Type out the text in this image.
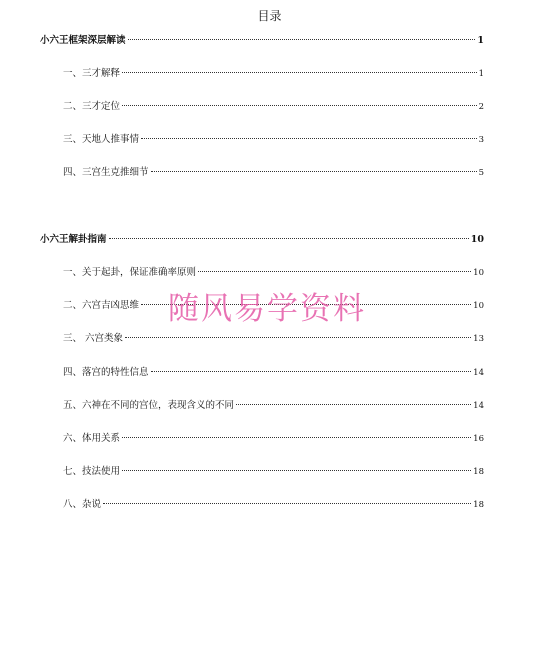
目录
小六王框架深层解读	1
一、三才解释	1
二、三才定位	2
三、天地人推事情	3
四、三宫生克推细节	5
小六王解卦指南	10
一、关于起卦，保证准确率原则	10
二、六宫吉凶思维	10
三、 六宫类象	13
四、落宫的特性信息	14
五、六神在不同的宫位，表现含义的不同	14
六、体用关系	16
七、技法使用	18
八、杂说	18
随风易学资料
